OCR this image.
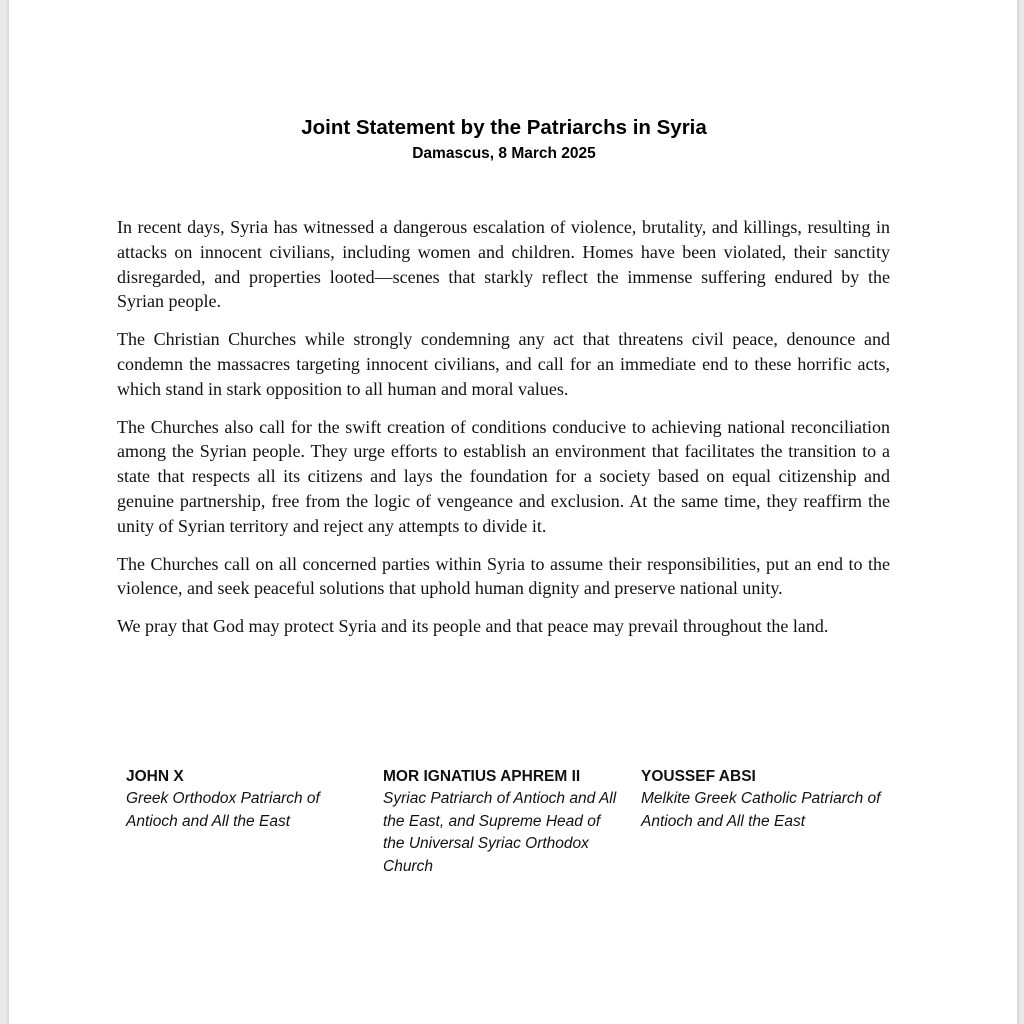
Joint Statement by the Patriarchs in Syria
Damascus, 8 March 2025

In recent days, Syria has witnessed a dangerous escalation of violence, brutality, and killings, resulting in attacks on innocent civilians, including women and children. Homes have been violated, their sanctity disregarded, and properties looted—scenes that starkly reflect the immense suffering endured by the Syrian people.

The Christian Churches while strongly condemning any act that threatens civil peace, denounce and condemn the massacres targeting innocent civilians, and call for an immediate end to these horrific acts, which stand in stark opposition to all human and moral values.

The Churches also call for the swift creation of conditions conducive to achieving national reconciliation among the Syrian people. They urge efforts to establish an environment that facilitates the transition to a state that respects all its citizens and lays the foundation for a society based on equal citizenship and genuine partnership, free from the logic of vengeance and exclusion. At the same time, they reaffirm the unity of Syrian territory and reject any attempts to divide it.

The Churches call on all concerned parties within Syria to assume their responsibilities, put an end to the violence, and seek peaceful solutions that uphold human dignity and preserve national unity.

We pray that God may protect Syria and its people and that peace may prevail throughout the land.

JOHN X
Greek Orthodox Patriarch of Antioch and All the East
MOR IGNATIUS APHREM II
Syriac Patriarch of Antioch and All the East, and Supreme Head of the Universal Syriac Orthodox Church
YOUSSEF ABSI
Melkite Greek Catholic Patriarch of Antioch and All the East
